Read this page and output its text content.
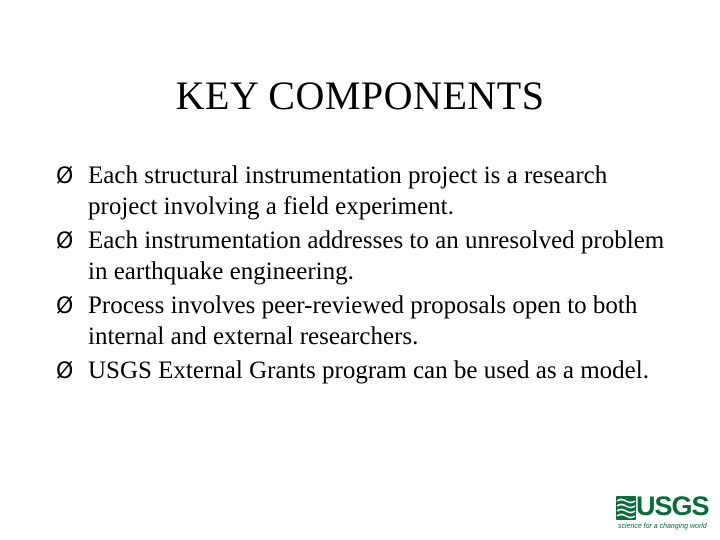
KEY COMPONENTS
Ø Each structural instrumentation project is a research project involving a field experiment.
Ø Each instrumentation addresses to an unresolved problem in earthquake engineering.
Ø Process involves peer-reviewed proposals open to both internal and external researchers.
Ø USGS External Grants program can be used as a model.
USGS
science for a changing world
